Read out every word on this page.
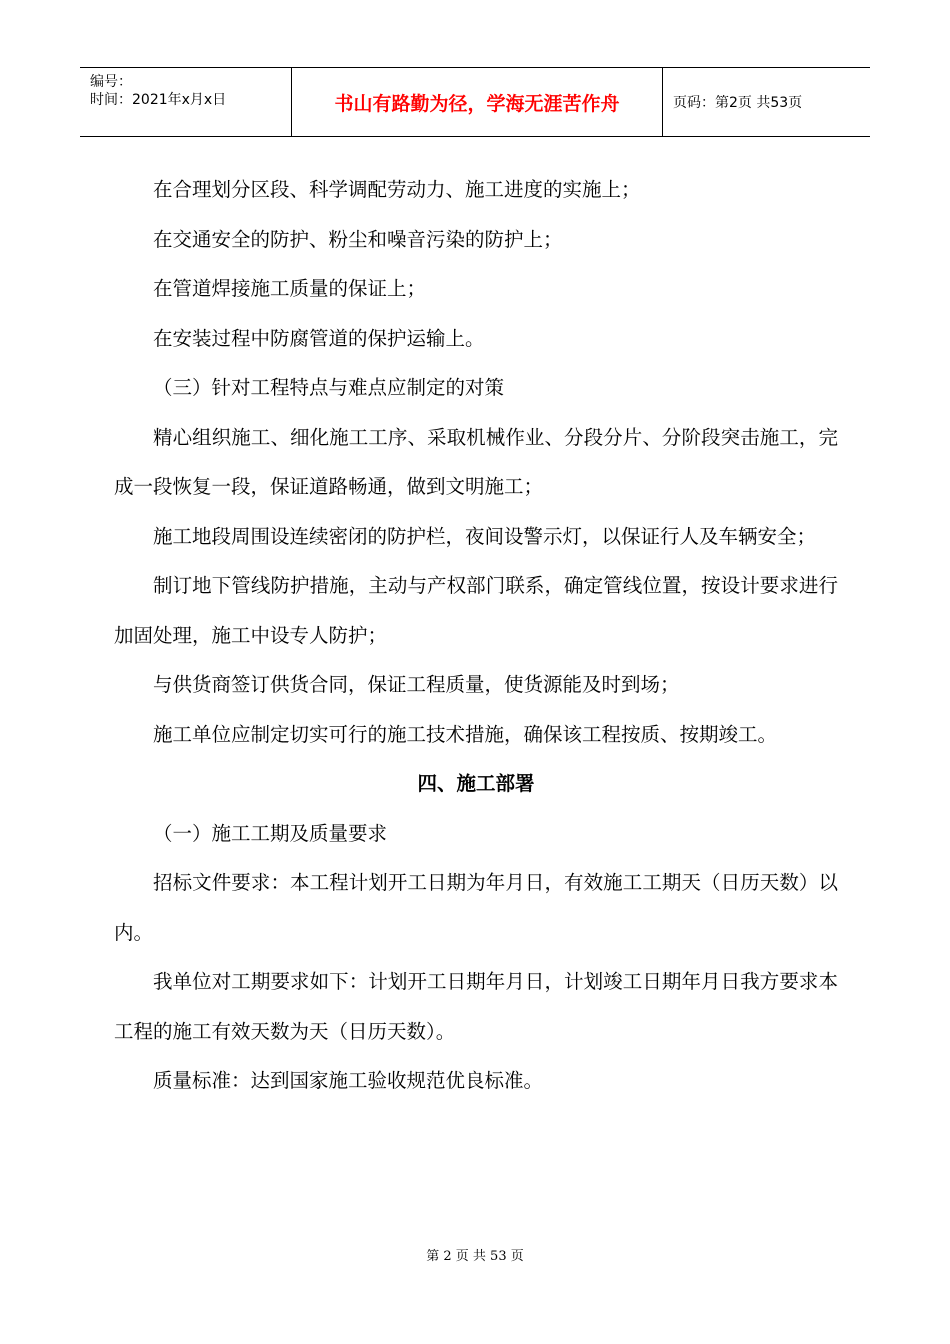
编号：
时间：2021年x月x日	书山有路勤为径，学海无涯苦作舟	页码：第2页 共53页

在合理划分区段、科学调配劳动力、施工进度的实施上；

在交通安全的防护、粉尘和噪音污染的防护上；

在管道焊接施工质量的保证上；

在安装过程中防腐管道的保护运输上。

（三）针对工程特点与难点应制定的对策

精心组织施工、细化施工工序、采取机械作业、分段分片、分阶段突击施工，完成一段恢复一段，保证道路畅通，做到文明施工；

施工地段周围设连续密闭的防护栏，夜间设警示灯，以保证行人及车辆安全；

制订地下管线防护措施，主动与产权部门联系，确定管线位置，按设计要求进行加固处理，施工中设专人防护；

与供货商签订供货合同，保证工程质量，使货源能及时到场；

施工单位应制定切实可行的施工技术措施，确保该工程按质、按期竣工。

四、施工部署

（一）施工工期及质量要求

招标文件要求：本工程计划开工日期为年月日，有效施工工期天（日历天数）以内。

我单位对工期要求如下：计划开工日期年月日，计划竣工日期年月日我方要求本工程的施工有效天数为天（日历天数）。

质量标准：达到国家施工验收规范优良标准。

第 2 页 共 53 页
